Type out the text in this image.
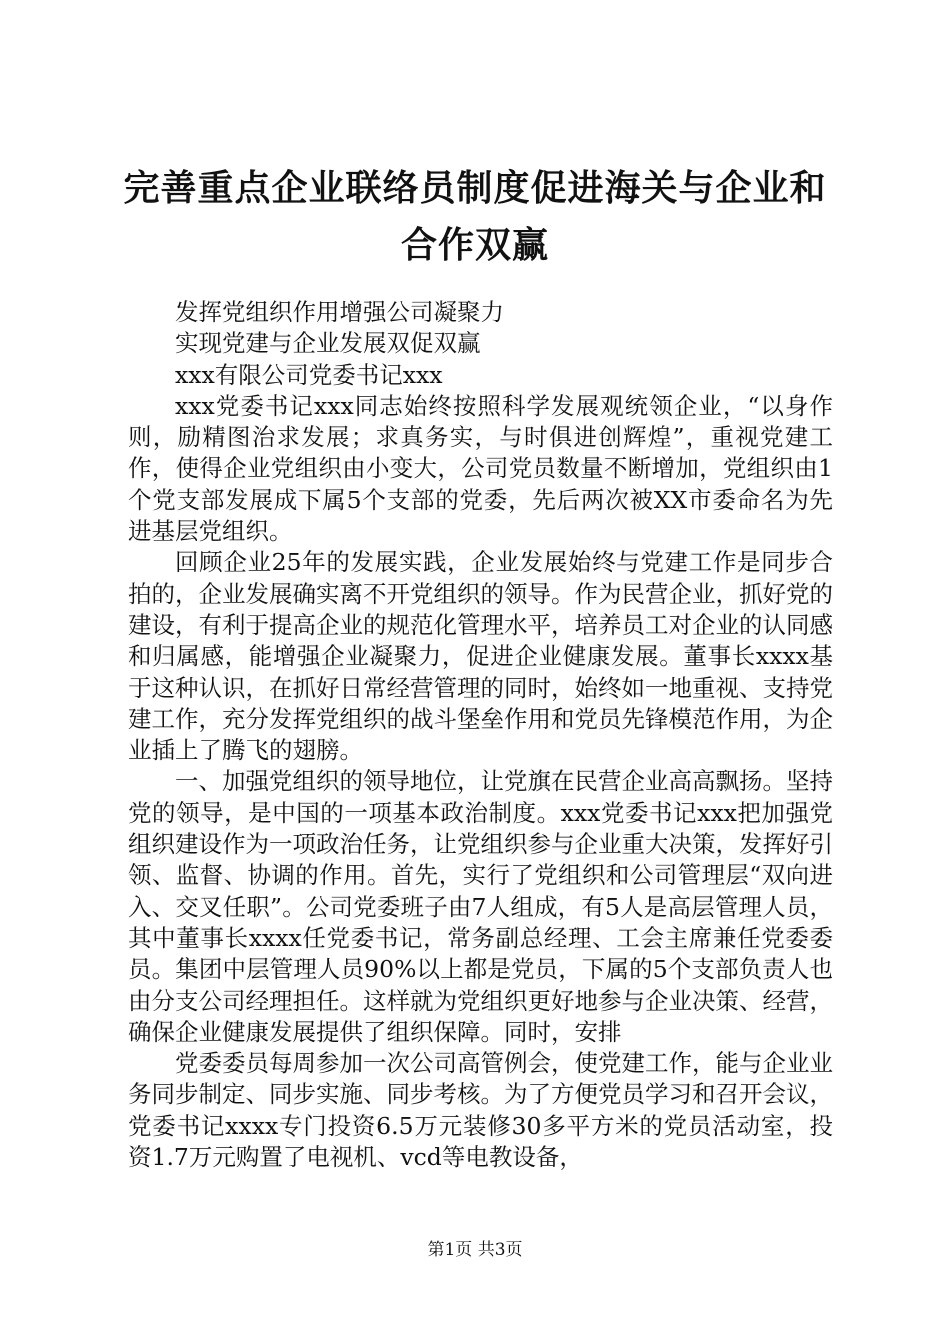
完善重点企业联络员制度促进海关与企业和合作双赢

发挥党组织作用增强公司凝聚力

实现党建与企业发展双促双赢

xxx有限公司党委书记xxx

xxx党委书记xxx同志始终按照科学发展观统领企业，“以身作则，励精图治求发展；求真务实，与时俱进创辉煌”，重视党建工作，使得企业党组织由小变大，公司党员数量不断增加，党组织由1个党支部发展成下属5个支部的党委，先后两次被XX市委命名为先进基层党组织。

回顾企业25年的发展实践，企业发展始终与党建工作是同步合拍的，企业发展确实离不开党组织的领导。作为民营企业，抓好党的建设，有利于提高企业的规范化管理水平，培养员工对企业的认同感和归属感，能增强企业凝聚力，促进企业健康发展。董事长xxxx基于这种认识，在抓好日常经营管理的同时，始终如一地重视、支持党建工作，充分发挥党组织的战斗堡垒作用和党员先锋模范作用，为企业插上了腾飞的翅膀。

一、加强党组织的领导地位，让党旗在民营企业高高飘扬。坚持党的领导，是中国的一项基本政治制度。xxx党委书记xxx把加强党组织建设作为一项政治任务，让党组织参与企业重大决策，发挥好引领、监督、协调的作用。首先，实行了党组织和公司管理层“双向进入、交叉任职”。公司党委班子由7人组成，有5人是高层管理人员，其中董事长xxxx任党委书记，常务副总经理、工会主席兼任党委委员。集团中层管理人员90%以上都是党员，下属的5个支部负责人也由分支公司经理担任。这样就为党组织更好地参与企业决策、经营，确保企业健康发展提供了组织保障。同时，安排

党委委员每周参加一次公司高管例会，使党建工作，能与企业业务同步制定、同步实施、同步考核。为了方便党员学习和召开会议，党委书记xxxx专门投资6.5万元装修30多平方米的党员活动室，投资1.7万元购置了电视机、vcd等电教设备，

第1页 共3页
